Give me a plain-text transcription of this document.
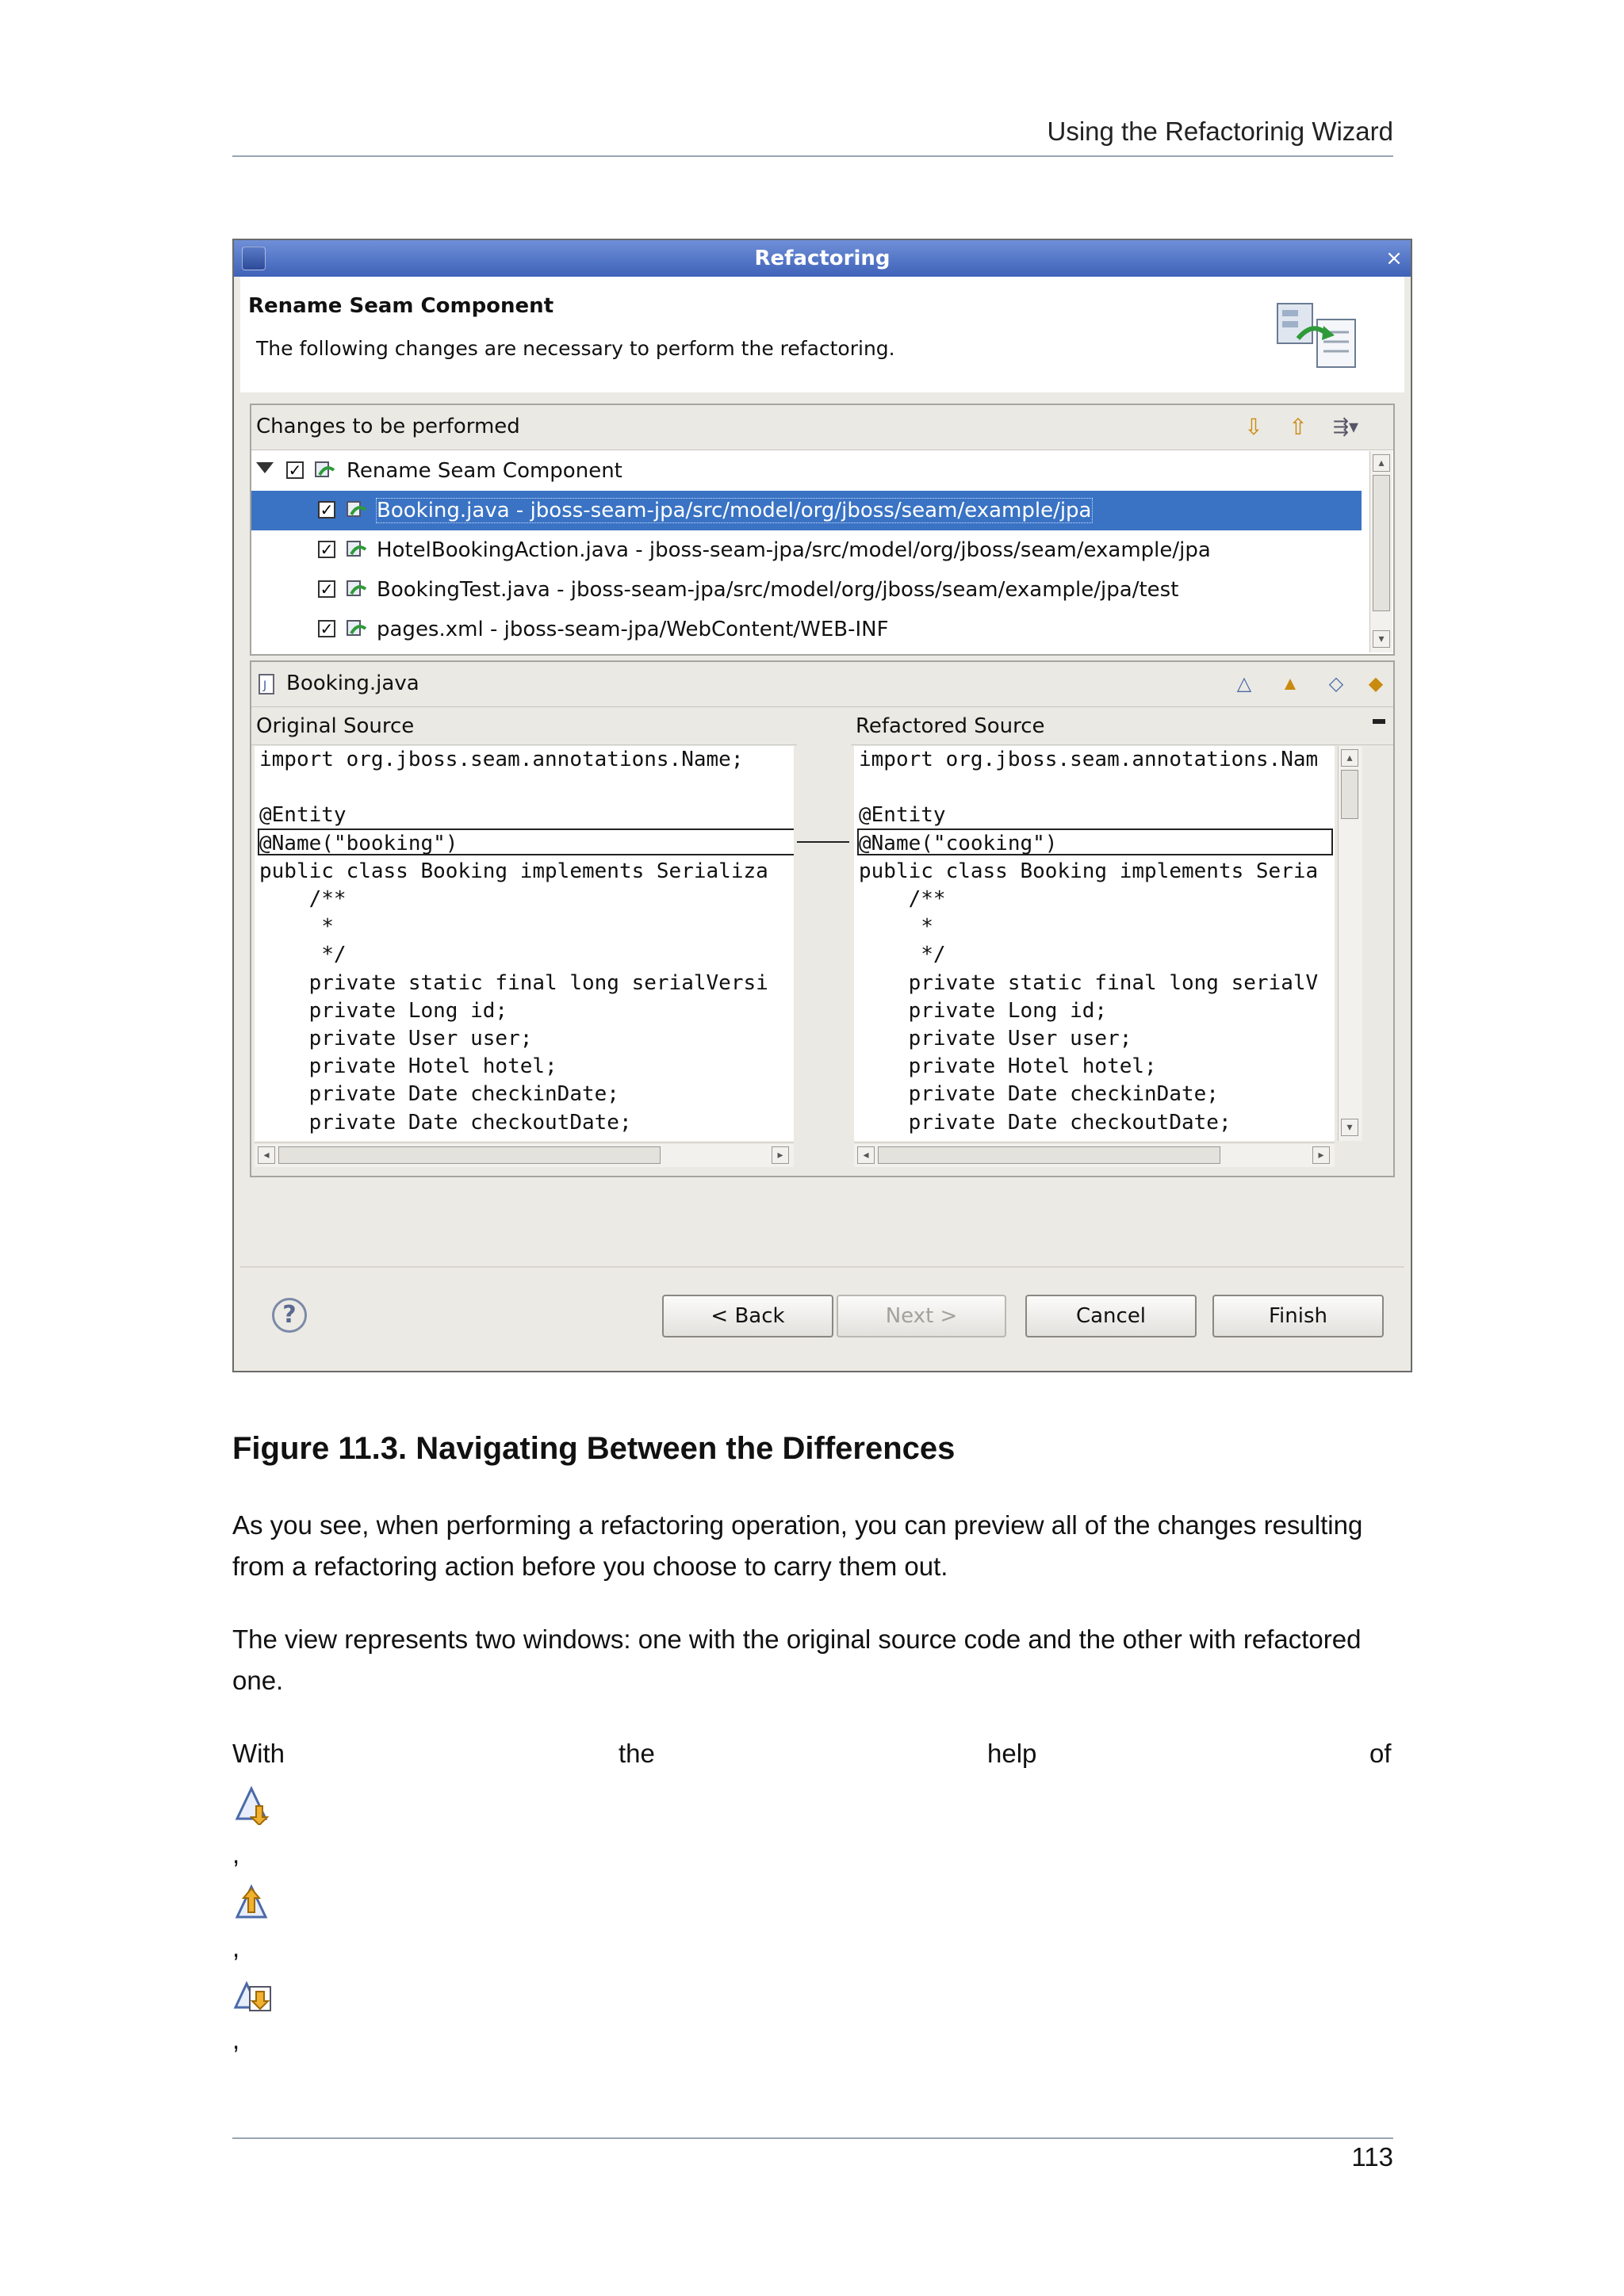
Using the Refactorinig Wizard
Refactoring	×
Rename Seam Component
The following changes are necessary to perform the refactoring.
Changes to be performed	⇩ ⇧	⇶▾
✓ Rename Seam Component
✓ Booking.java - jboss-seam-jpa/src/model/org/jboss/seam/example/jpa
✓ HotelBookingAction.java - jboss-seam-jpa/src/model/org/jboss/seam/example/jpa
✓ BookingTest.java - jboss-seam-jpa/src/model/org/jboss/seam/example/jpa/test
✓ pages.xml - jboss-seam-jpa/WebContent/WEB-INF
▴
▾
J Booking.java	△	▲	◇	◆
Original Source
import org.jboss.seam.annotations.Name;
@Entity
@Name("booking")
public class Booking implements Serializa
/**
*
*/
private static final long serialVersi
private Long id;
private User user;
private Hotel hotel;
private Date checkinDate;
private Date checkoutDate;
◂	▸
Refactored Source
import org.jboss.seam.annotations.Nam
@Entity
@Name("cooking")
public class Booking implements Seria
/**
*
*/
private static final long serialV
private Long id;
private User user;
private Hotel hotel;
private Date checkinDate;
private Date checkoutDate;
▴
▾
◂	▸
?	< Back	Next >	Cancel	Finish
Figure 11.3. Navigating Between the Differences
As you see, when performing a refactoring operation, you can preview all of the changes resulting from a refactoring action before you choose to carry them out.
The view represents two windows: one with the original source code and the other with refactored one.
With	the	help	of
,
,
,
113
